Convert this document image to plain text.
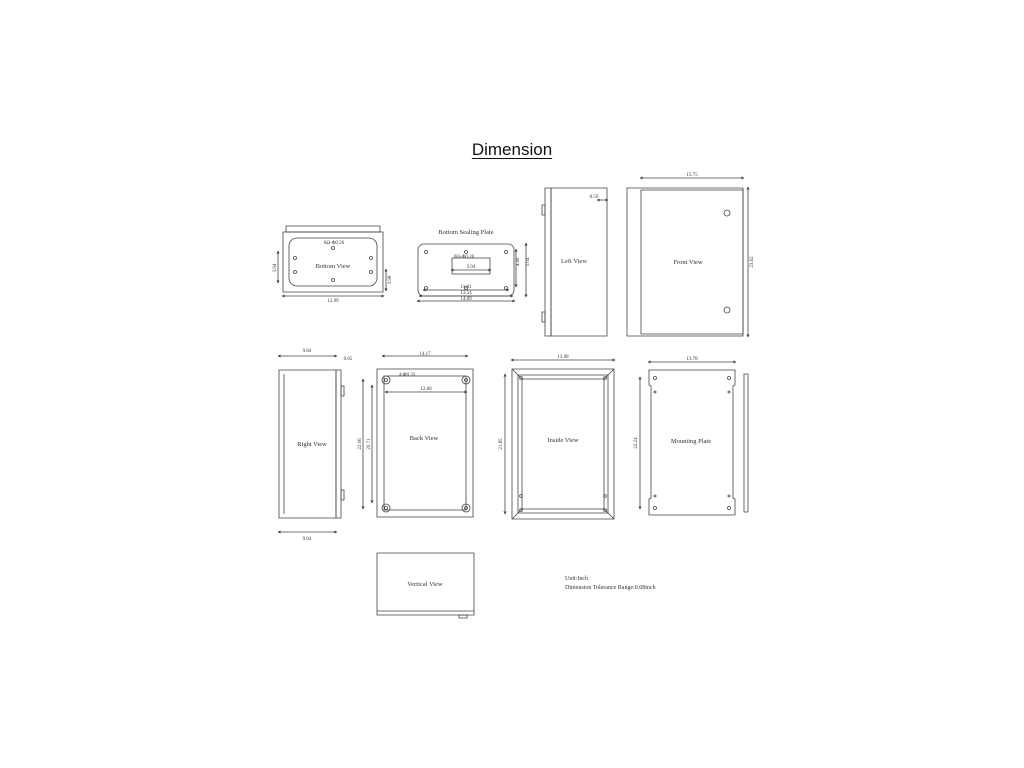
Dimension
Bottom View
6Ω-Φ0.26
12.99
3.94
3.98
Bottom Sealing Plate
6Ω-Φ0.26
3.94
11.81
13.54
14.09
4.49 5.04	Left View
0.59
Front View
15.75
23.62
Right View
9.84
0.65
9.04
Back View
14.17
4-Φ0.33
12.60
22.06 20.71	Inside View
13.98
21.85	Mounting Plate
13.78
22.24
Vertical View
Unit:Inch
Dimension Tolerance Range:0.08inch
